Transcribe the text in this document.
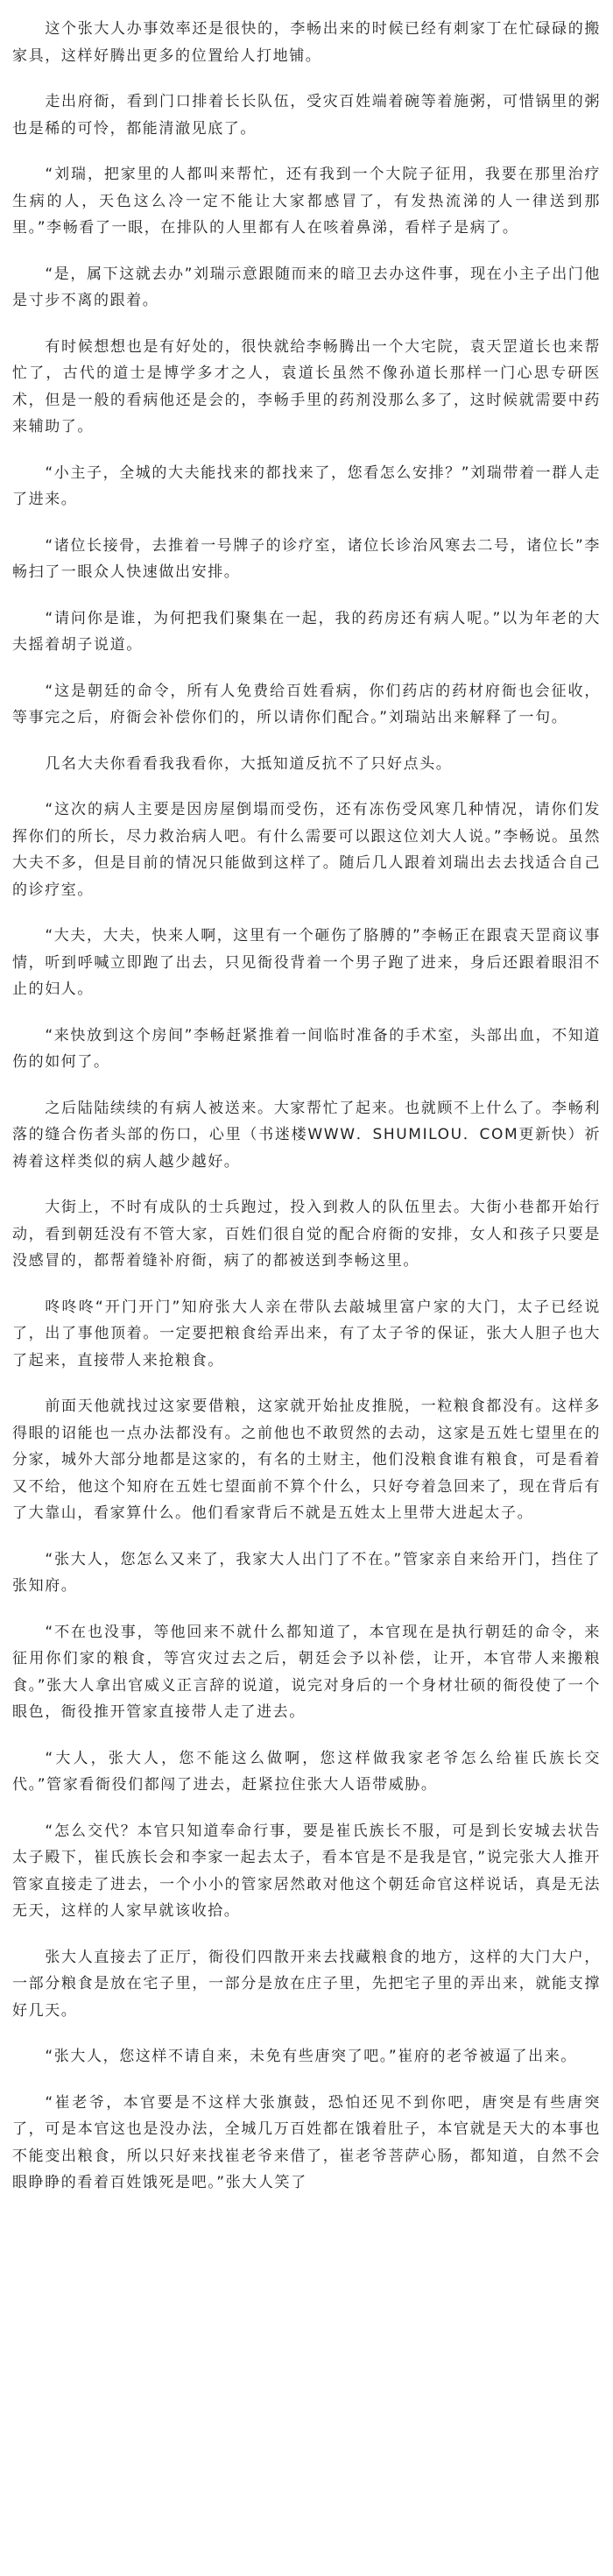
这个张大人办事效率还是很快的，李畅出来的时候已经有刺家丁在忙碌碌的搬家具，这样好腾出更多的位置给人打地铺。

走出府衙，看到门口排着长长队伍，受灾百姓端着碗等着施粥，可惜锅里的粥也是稀的可怜，都能清澈见底了。

“刘瑞，把家里的人都叫来帮忙，还有我到一个大院子征用，我要在那里治疗生病的人，天色这么冷一定不能让大家都感冒了，有发热流涕的人一律送到那里。”李畅看了一眼，在排队的人里都有人在咳着鼻涕，看样子是病了。

“是，属下这就去办”刘瑞示意跟随而来的暗卫去办这件事，现在小主子出门他是寸步不离的跟着。

有时候想想也是有好处的，很快就给李畅腾出一个大宅院，袁天罡道长也来帮忙了，古代的道士是博学多才之人，袁道长虽然不像孙道长那样一门心思专研医术，但是一般的看病他还是会的，李畅手里的药剂没那么多了，这时候就需要中药来辅助了。

“小主子，全城的大夫能找来的都找来了，您看怎么安排？”刘瑞带着一群人走了进来。

“诸位长接骨，去推着一号牌子的诊疗室，诸位长诊治风寒去二号，诸位长”李畅扫了一眼众人快速做出安排。

“请问你是谁，为何把我们聚集在一起，我的药房还有病人呢。”以为年老的大夫摇着胡子说道。

“这是朝廷的命令，所有人免费给百姓看病，你们药店的药材府衙也会征收，等事完之后，府衙会补偿你们的，所以请你们配合。”刘瑞站出来解释了一句。

几名大夫你看看我我看你，大抵知道反抗不了只好点头。

“这次的病人主要是因房屋倒塌而受伤，还有冻伤受风寒几种情况，请你们发挥你们的所长，尽力救治病人吧。有什么需要可以跟这位刘大人说。”李畅说。虽然大夫不多，但是目前的情况只能做到这样了。随后几人跟着刘瑞出去去找适合自己的诊疗室。

“大夫，大夫，快来人啊，这里有一个砸伤了胳膊的”李畅正在跟袁天罡商议事情，听到呼喊立即跑了出去，只见衙役背着一个男子跑了进来，身后还跟着眼泪不止的妇人。

“来快放到这个房间”李畅赶紧推着一间临时准备的手术室，头部出血，不知道伤的如何了。

之后陆陆续续的有病人被送来。大家帮忙了起来。也就顾不上什么了。李畅利落的缝合伤者头部的伤口，心里（书迷楼WWW．SHUMILOU．COM更新快）祈祷着这样类似的病人越少越好。

大街上，不时有成队的士兵跑过，投入到救人的队伍里去。大街小巷都开始行动，看到朝廷没有不管大家，百姓们很自觉的配合府衙的安排，女人和孩子只要是没感冒的，都帮着缝补府衙，病了的都被送到李畅这里。

咚咚咚“开门开门”知府张大人亲在带队去敲城里富户家的大门，太子已经说了，出了事他顶着。一定要把粮食给弄出来，有了太子爷的保证，张大人胆子也大了起来，直接带人来抢粮食。

前面天他就找过这家要借粮，这家就开始扯皮推脱，一粒粮食都没有。这样多得眼的诏能也一点办法都没有。之前他也不敢贸然的去动，这家是五姓七望里在的分家，城外大部分地都是这家的，有名的土财主，他们没粮食谁有粮食，可是看着又不给，他这个知府在五姓七望面前不算个什么，只好夸着急回来了，现在背后有了大靠山，看家算什么。他们看家背后不就是五姓太上里带大进起太子。

“张大人，您怎么又来了，我家大人出门了不在。”管家亲自来给开门，挡住了张知府。

“不在也没事，等他回来不就什么都知道了，本官现在是执行朝廷的命令，来征用你们家的粮食，等宫灾过去之后，朝廷会予以补偿，让开，本官带人来搬粮食。”张大人拿出官威义正言辞的说道，说完对身后的一个身材壮硕的衙役使了一个眼色，衙役推开管家直接带人走了进去。

“大人，张大人，您不能这么做啊，您这样做我家老爷怎么给崔氏族长交代。”管家看衙役们都闯了进去，赶紧拉住张大人语带威胁。

“怎么交代？本官只知道奉命行事，要是崔氏族长不服，可是到长安城去状告太子殿下，崔氏族长会和李家一起去太子，看本官是不是我是官，”说完张大人推开管家直接走了进去，一个小小的管家居然敢对他这个朝廷命官这样说话，真是无法无天，这样的人家早就该收拾。

张大人直接去了正厅，衙役们四散开来去找藏粮食的地方，这样的大门大户，一部分粮食是放在宅子里，一部分是放在庄子里，先把宅子里的弄出来，就能支撑好几天。

“张大人，您这样不请自来，未免有些唐突了吧。”崔府的老爷被逼了出来。

“崔老爷，本官要是不这样大张旗鼓，恐怕还见不到你吧，唐突是有些唐突了，可是本官这也是没办法，全城几万百姓都在饿着肚子，本官就是天大的本事也不能变出粮食，所以只好来找崔老爷来借了，崔老爷菩萨心肠，都知道，自然不会眼睁睁的看着百姓饿死是吧。”张大人笑了
